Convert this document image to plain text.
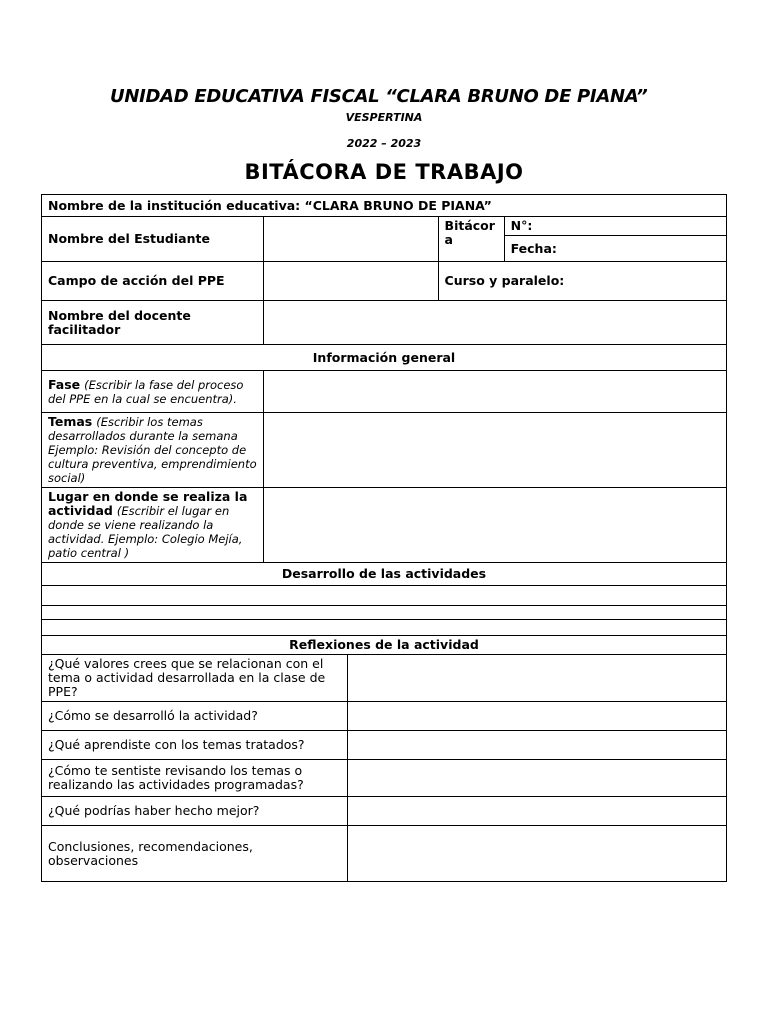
UNIDAD EDUCATIVA FISCAL “CLARA BRUNO DE PIANA”
VESPERTINA
2022 – 2023
BITÁCORA DE TRABAJO
Nombre de la institución educativa: “CLARA BRUNO DE PIANA”				
Nombre del Estudiante			Bitácor a	N°:
				Fecha:
Campo de acción del PPE			Curso y paralelo:	
Nombre del docente facilitador				
Información general				
Fase (Escribir la fase del proceso del PPE en la cual se encuentra).				
Temas (Escribir los temas desarrollados durante la semana Ejemplo: Revisión del concepto de cultura preventiva, emprendimiento social)				
Lugar en donde se realiza la actividad (Escribir el lugar en donde se viene realizando la actividad. Ejemplo: Colegio Mejía, patio central )				
Desarrollo de las actividades				

Reflexiones de la actividad				
¿Qué valores crees que se relacionan con el tema o actividad desarrollada en la clase de PPE?				
¿Cómo se desarrolló la actividad?				
¿Qué aprendiste con los temas tratados?				
¿Cómo te sentiste revisando los temas o realizando las actividades programadas?				
¿Qué podrías haber hecho mejor?				
Conclusiones, recomendaciones, observaciones				
